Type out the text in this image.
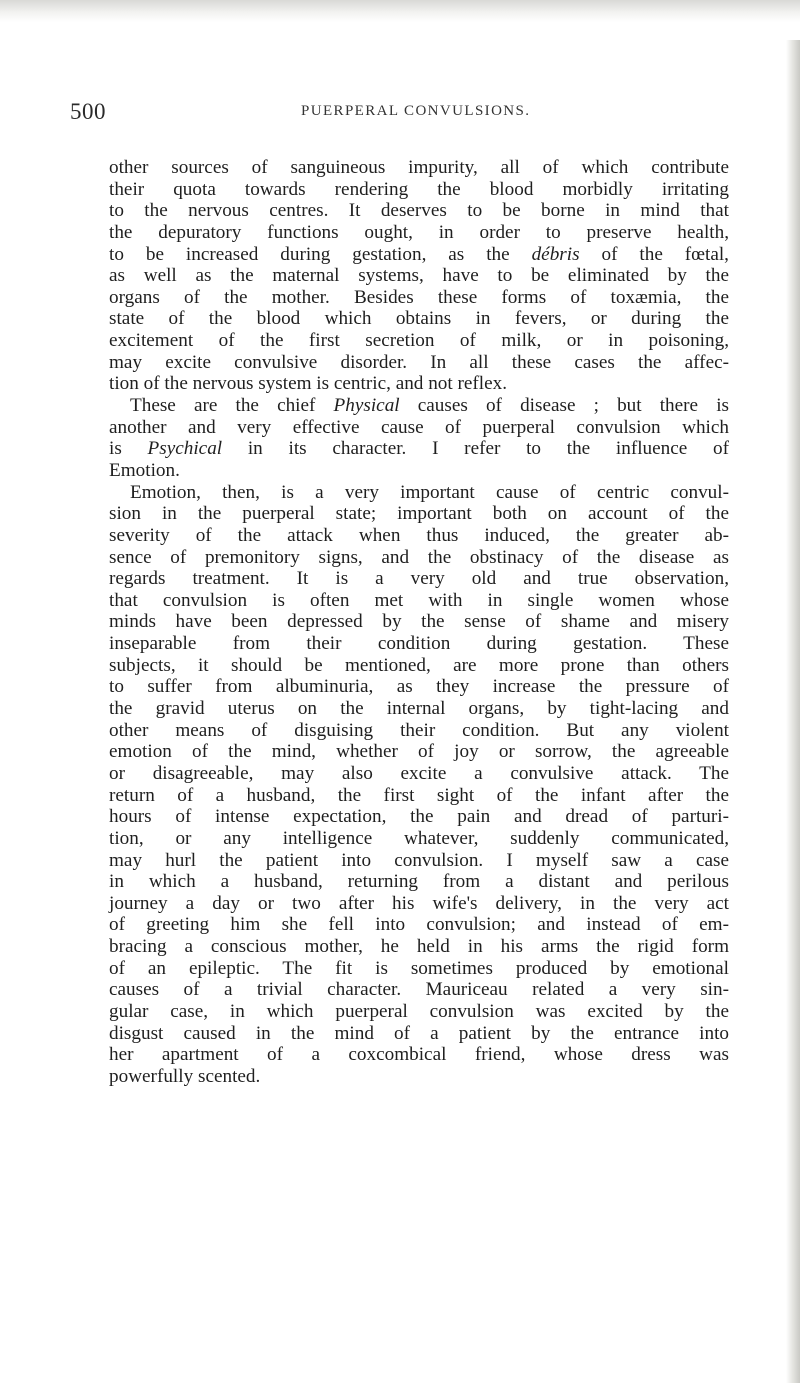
500	PUERPERAL CONVULSIONS.
other sources of sanguineous impurity, all of which contribute
their quota towards rendering the blood morbidly irritating
to the nervous centres. It deserves to be borne in mind that
the depuratory functions ought, in order to preserve health,
to be increased during gestation, as the débris of the fœtal,
as well as the maternal systems, have to be eliminated by the
organs of the mother. Besides these forms of toxæmia, the
state of the blood which obtains in fevers, or during the
excitement of the first secretion of milk, or in poisoning,
may excite convulsive disorder. In all these cases the affec-
tion of the nervous system is centric, and not reflex.
These are the chief Physical causes of disease ; but there is
another and very effective cause of puerperal convulsion which
is Psychical in its character. I refer to the influence of
Emotion.
Emotion, then, is a very important cause of centric convul-
sion in the puerperal state; important both on account of the
severity of the attack when thus induced, the greater ab-
sence of premonitory signs, and the obstinacy of the disease as
regards treatment. It is a very old and true observation,
that convulsion is often met with in single women whose
minds have been depressed by the sense of shame and misery
inseparable from their condition during gestation. These
subjects, it should be mentioned, are more prone than others
to suffer from albuminuria, as they increase the pressure of
the gravid uterus on the internal organs, by tight-lacing and
other means of disguising their condition. But any violent
emotion of the mind, whether of joy or sorrow, the agreeable
or disagreeable, may also excite a convulsive attack. The
return of a husband, the first sight of the infant after the
hours of intense expectation, the pain and dread of parturi-
tion, or any intelligence whatever, suddenly communicated,
may hurl the patient into convulsion. I myself saw a case
in which a husband, returning from a distant and perilous
journey a day or two after his wife's delivery, in the very act
of greeting him she fell into convulsion; and instead of em-
bracing a conscious mother, he held in his arms the rigid form
of an epileptic. The fit is sometimes produced by emotional
causes of a trivial character. Mauriceau related a very sin-
gular case, in which puerperal convulsion was excited by the
disgust caused in the mind of a patient by the entrance into
her apartment of a coxcombical friend, whose dress was
powerfully scented.
